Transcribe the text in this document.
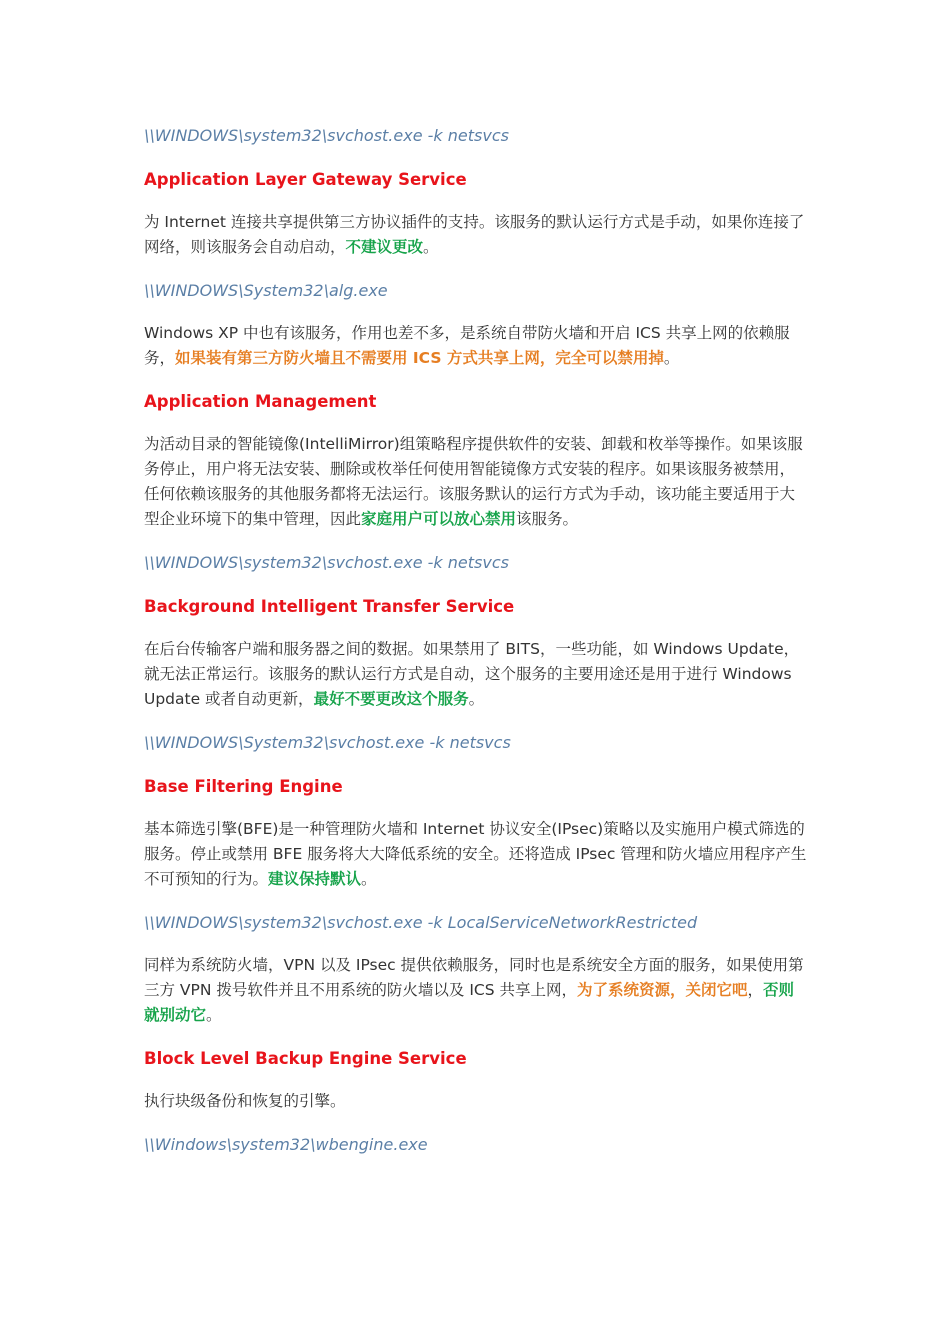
\\WINDOWS\system32\svchost.exe -k netsvcs
Application Layer Gateway Service
为 Internet 连接共享提供第三方协议插件的支持。该服务的默认运行方式是手动，如果你连接了网络，则该服务会自动启动，不建议更改。
\\WINDOWS\System32\alg.exe
Windows XP 中也有该服务，作用也差不多，是系统自带防火墙和开启 ICS 共享上网的依赖服务，如果装有第三方防火墙且不需要用 ICS 方式共享上网，完全可以禁用掉。
Application Management
为活动目录的智能镜像(IntelliMirror)组策略程序提供软件的安装、卸载和枚举等操作。如果该服务停止，用户将无法安装、删除或枚举任何使用智能镜像方式安装的程序。如果该服务被禁用，任何依赖该服务的其他服务都将无法运行。该服务默认的运行方式为手动，该功能主要适用于大型企业环境下的集中管理，因此家庭用户可以放心禁用该服务。
\\WINDOWS\system32\svchost.exe -k netsvcs
Background Intelligent Transfer Service
在后台传输客户端和服务器之间的数据。如果禁用了 BITS，一些功能，如 Windows Update，就无法正常运行。该服务的默认运行方式是自动，这个服务的主要用途还是用于进行 Windows Update 或者自动更新，最好不要更改这个服务。
\\WINDOWS\System32\svchost.exe -k netsvcs
Base Filtering Engine
基本筛选引擎(BFE)是一种管理防火墙和 Internet 协议安全(IPsec)策略以及实施用户模式筛选的服务。停止或禁用 BFE 服务将大大降低系统的安全。还将造成 IPsec 管理和防火墙应用程序产生不可预知的行为。建议保持默认。
\\WINDOWS\system32\svchost.exe -k LocalServiceNetworkRestricted
同样为系统防火墙，VPN 以及 IPsec 提供依赖服务，同时也是系统安全方面的服务，如果使用第三方 VPN 拨号软件并且不用系统的防火墙以及 ICS 共享上网，为了系统资源，关闭它吧，否则就别动它。
Block Level Backup Engine Service
执行块级备份和恢复的引擎。
\\Windows\system32\wbengine.exe
